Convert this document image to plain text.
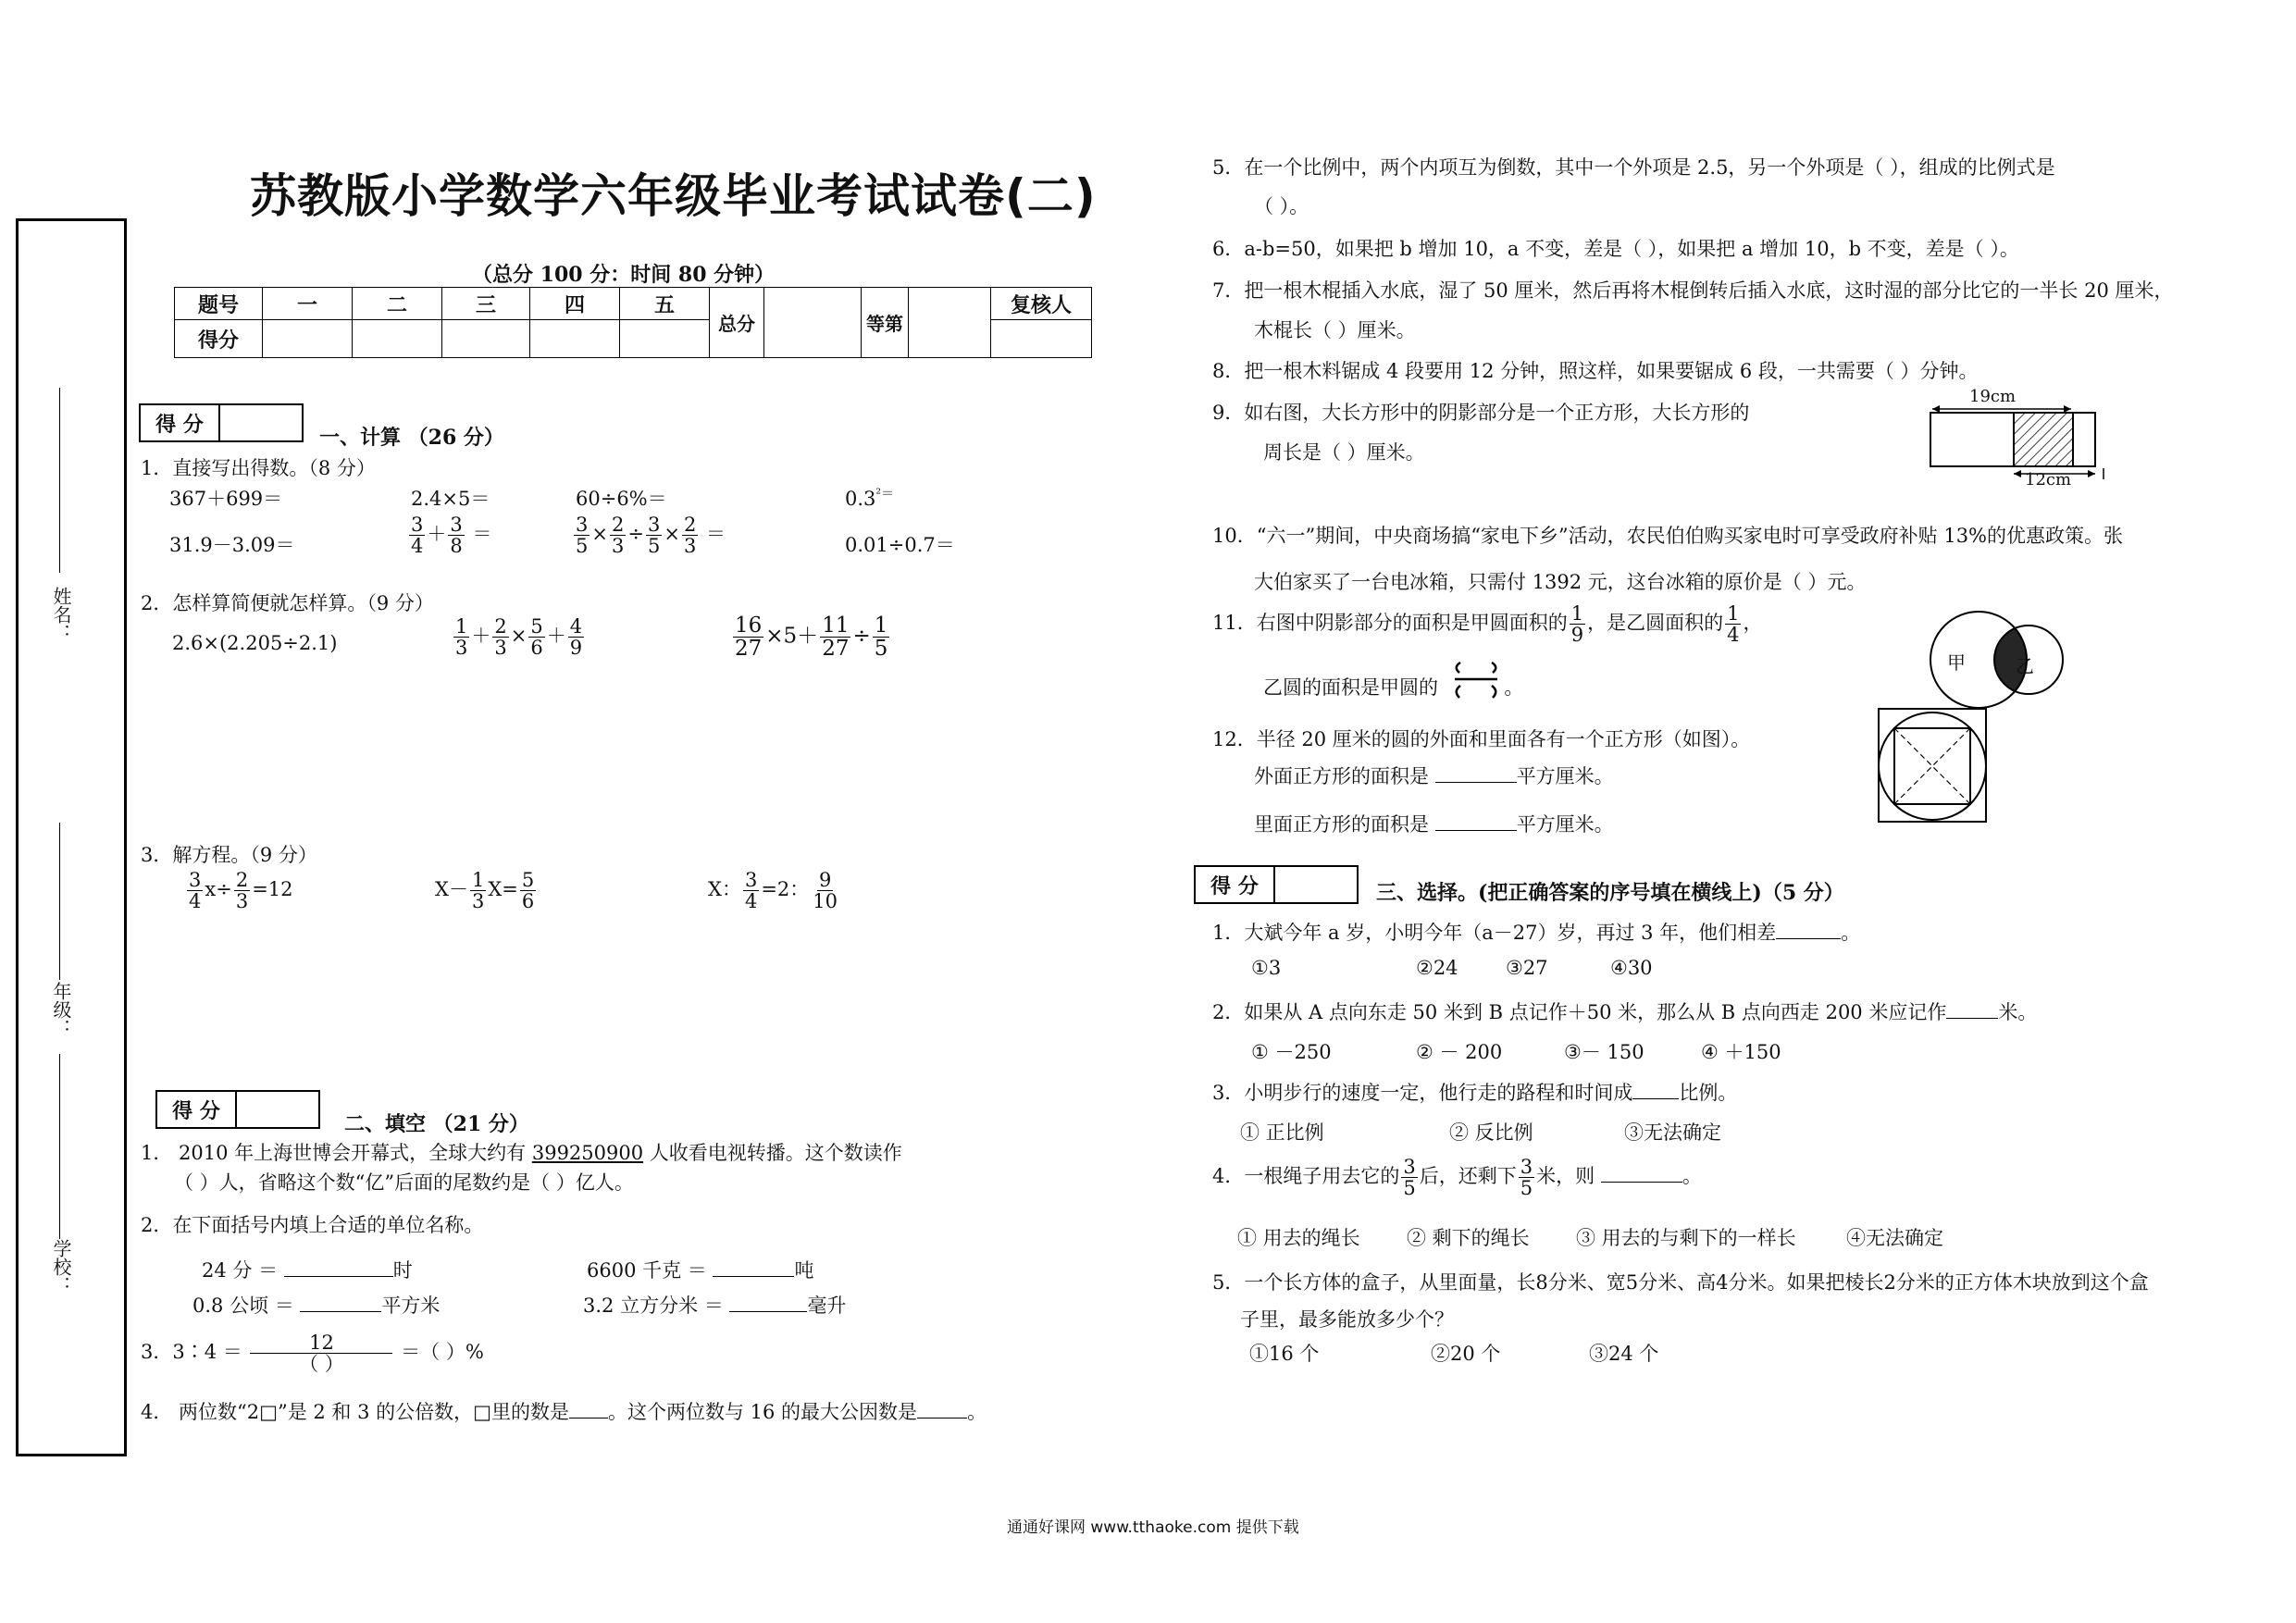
苏教版小学数学六年级毕业考试试卷(二)
姓名：
年级：
学校：
（总分 100 分：时间 80 分钟）
题号	一	二	三	四	五	总分		等第		复核人
得分										
得 分
一、计算 （26 分）
1．直接写出得数。（8 分）
367＋699＝	2.4×5＝	60÷6%＝	$0.3^{^2=}$
31.9－3.09＝	$\frac{3}{4} + \frac{3}{8}$ ＝	$\frac{3}{5} \times \frac{2}{3} \div \frac{3}{5} \times \frac{2}{3}$ ＝	0.01÷0.7＝
2．怎样算简便就怎样算。（9 分）
2.6×(2.205÷2.1)	$\frac{1}{3} + \frac{2}{3} \times \frac{5}{6} + \frac{4}{9}$	$\frac{16}{27} \times 5+ \frac{11}{27} \div \frac{1}{5}$
3．解方程。（9 分）
$\frac{3}{4} x\div \frac{2}{3} =12$	$X- \frac{1}{3} X= \frac{5}{6}$	X： $\frac{3}{4} =2$： $\frac{9}{10}$
得 分
二、填空 （21 分）
1． 2010 年上海世博会开幕式，全球大约有 399250900 人收看电视转播。这个数读作
（ ）人，省略这个数“亿”后面的尾数约是（ ）亿人。
2．在下面括号内填上合适的单位名称。
24 分 ＝	时	6600 千克 ＝	吨
0.8 公顷 ＝	平方米	3.2 立方分米 ＝	毫升
3．3∶4 ＝ $\frac{12}{( )}$ ＝（ ）%
4． 两位数“2□”是 2 和 3 的公倍数，□里的数是 。这个两位数与 16 的最大公因数是	。
5．在一个比例中，两个内项互为倒数，其中一个外项是 2.5，另一个外项是（ ），组成的比例式是
（ ）。
6．a-b=50，如果把 b 增加 10，a 不变，差是（ ），如果把 a 增加 10，b 不变，差是（ ）。
7．把一根木棍插入水底，湿了 50 厘米，然后再将木棍倒转后插入水底，这时湿的部分比它的一半长 20 厘米，
木棍长（ ）厘米。
8．把一根木料锯成 4 段要用 12 分钟，照这样，如果要锯成 6 段，一共需要（ ）分钟。
9．如右图，大长方形中的阴影部分是一个正方形，大长方形的
周长是（ ）厘米。
19cm
12cm
10．“六一”期间，中央商场搞“家电下乡”活动，农民伯伯购买家电时可享受政府补贴 13%的优惠政策。张
大伯家买了一台电冰箱，只需付 1392 元，这台冰箱的原价是（ ）元。
11．右图中阴影部分的面积是甲圆面积的 $\frac{1}{9}$ ，是乙圆面积的 $\frac{1}{4}$ ，
乙圆的面积是甲圆的	。
甲	乙
12．半径 20 厘米的圆的外面和里面各有一个正方形（如图）。
外面正方形的面积是	平方厘米。
里面正方形的面积是	平方厘米。
得 分	三、选择。(把正确答案的序号填在横线上)（5 分）
1．大斌今年 a 岁，小明今年（a－27）岁，再过 3 年，他们相差	。
①3	②24 ③27	④30
2．如果从 A 点向东走 50 米到 B 点记作＋50 米，那么从 B 点向西走 200 米应记作	米。
① －250	② － 200	③－ 150	④ ＋150
3．小明步行的速度一定，他行走的路程和时间成 比例。
① 正比例	② 反比例	③无法确定
4．一根绳子用去它的 $\frac{3}{5}$ 后，还剩下 $\frac{3}{5}$ 米，则	。
① 用去的绳长 ② 剩下的绳长 ③ 用去的与剩下的一样长	④无法确定
5．一个长方体的盒子，从里面量，长8分米、宽5分米、高4分米。如果把棱长2分米的正方体木块放到这个盒
子里，最多能放多少个？
①16 个	②20 个	③24 个
通通好课网 www.tthaoke.com 提供下载
